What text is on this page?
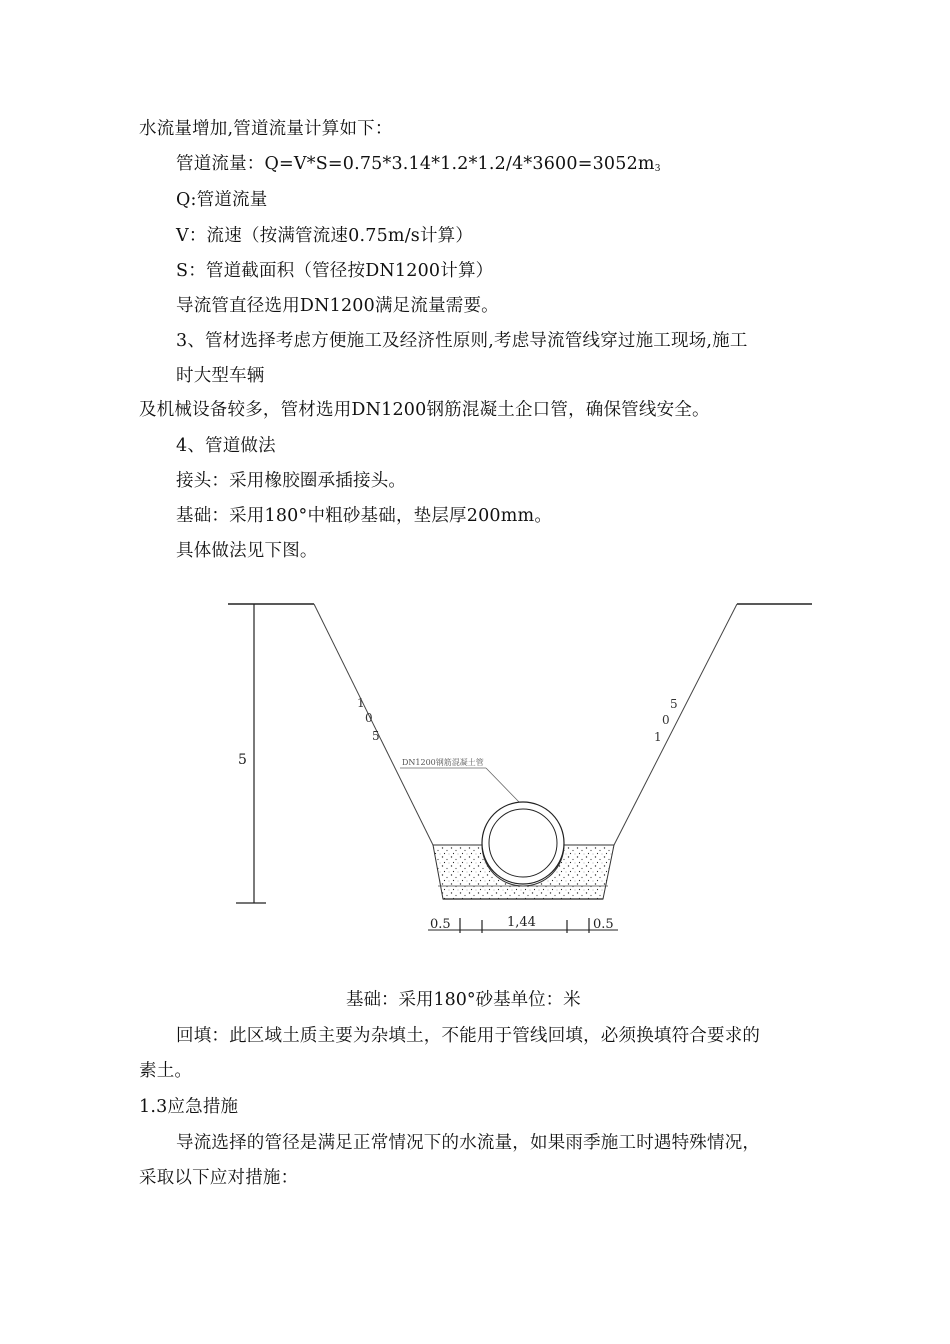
水流量增加,管道流量计算如下：
管道流量：$Q=V*S=0.75*3.14*1.2*1.2/4*3600=3052m_3$
Q:管道流量
V：流速（按满管流速0.75m/s计算）
S：管道截面积（管径按DN1200计算）
导流管直径选用DN1200满足流量需要。
3、管材选择考虑方便施工及经济性原则,考虑导流管线穿过施工现场,施工
时大型车辆
及机械设备较多，管材选用DN1200钢筋混凝土企口管，确保管线安全。
4、管道做法
接头：采用橡胶圈承插接头。
基础：采用180°中粗砂基础，垫层厚200mm。
具体做法见下图。
5
1
0
5
5
0
1
DN1200钢筋混凝土管
0.5	1,44	0.5
基础：采用180°砂基单位：米
回填：此区域土质主要为杂填土，不能用于管线回填，必须换填符合要求的
素土。
1.3应急措施
导流选择的管径是满足正常情况下的水流量，如果雨季施工时遇特殊情况，
采取以下应对措施：
